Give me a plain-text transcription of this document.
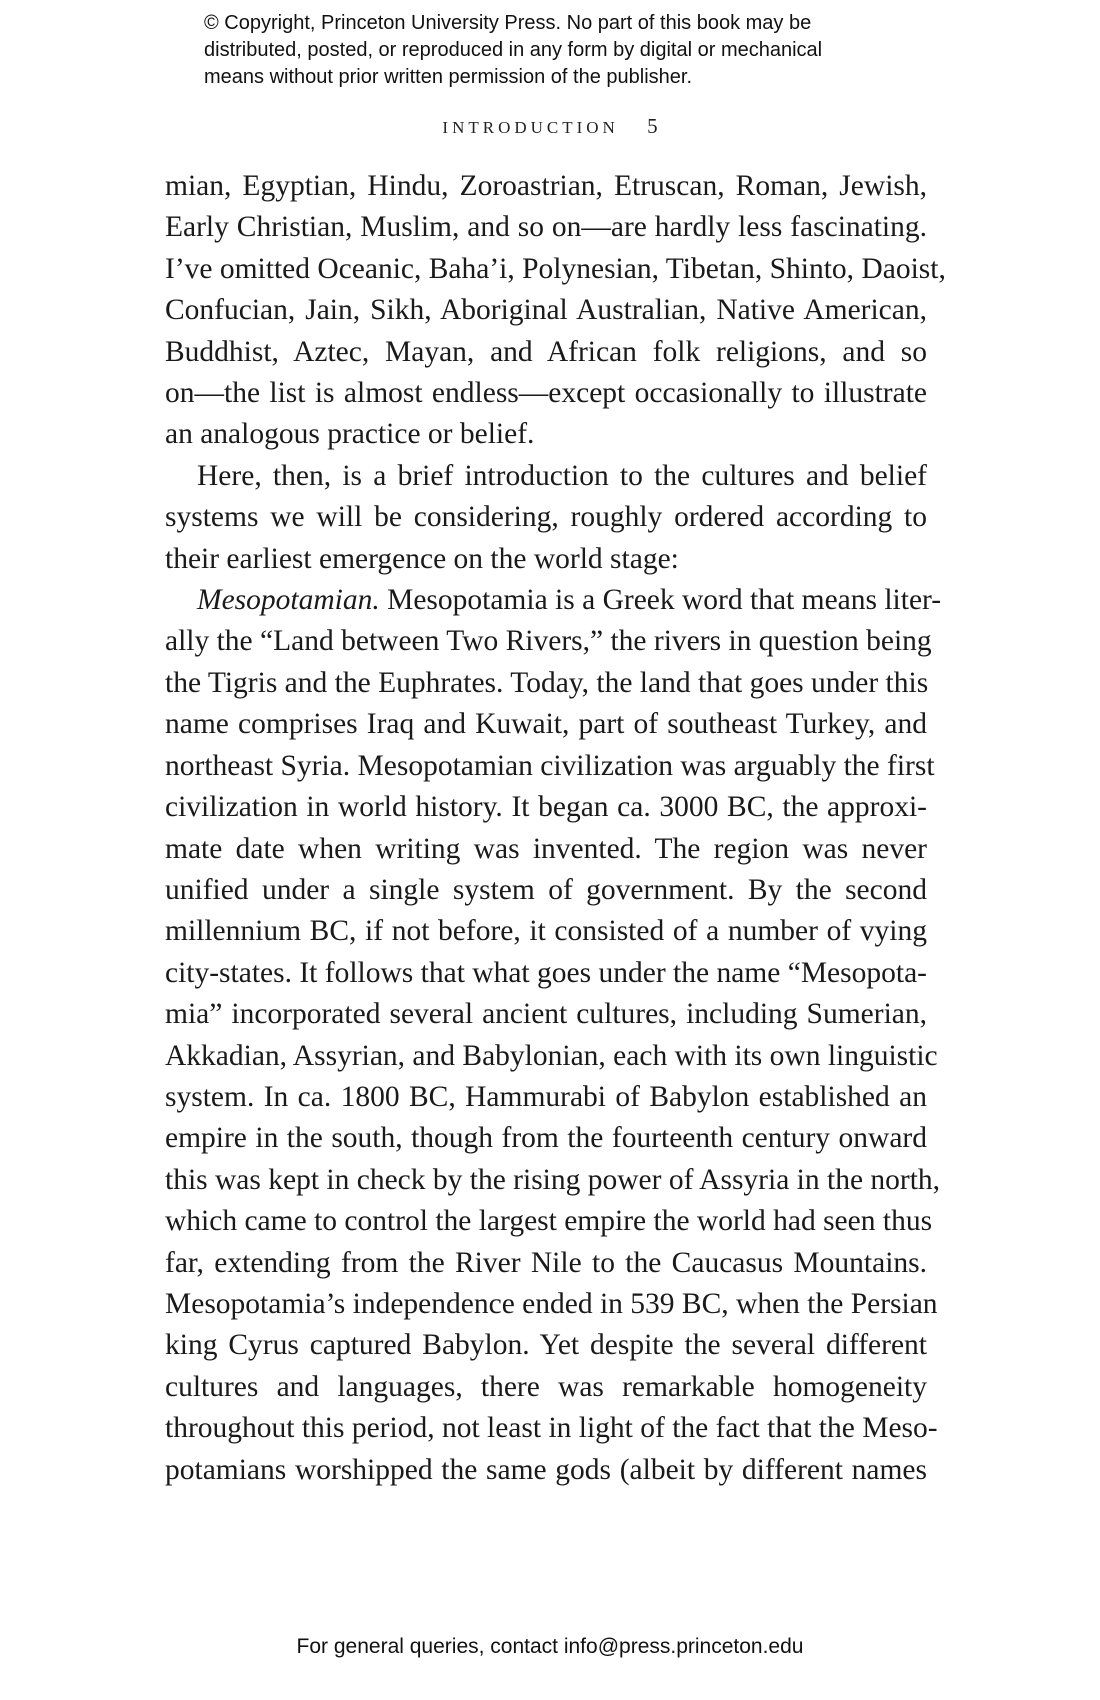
© Copyright, Princeton University Press. No part of this book may be
distributed, posted, or reproduced in any form by digital or mechanical
means without prior written permission of the publisher.
INTRODUCTION 5
mian, Egyptian, Hindu, Zoroastrian, Etruscan, Roman, Jewish,
Early Christian, Muslim, and so on—are hardly less fascinating.
I’ve omitted Oceanic, Baha’i, Polynesian, Tibetan, Shinto, Daoist,
Confucian, Jain, Sikh, Aboriginal Australian, Native American,
Buddhist, Aztec, Mayan, and African folk religions, and so
on—the list is almost endless—except occasionally to illustrate
an analogous practice or belief.
Here, then, is a brief introduction to the cultures and belief
systems we will be considering, roughly ordered according to
their earliest emergence on the world stage:
Mesopotamian. Mesopotamia is a Greek word that means liter-
ally the “Land between Two Rivers,” the rivers in question being
the Tigris and the Euphrates. Today, the land that goes under this
name comprises Iraq and Kuwait, part of southeast Turkey, and
northeast Syria. Mesopotamian civilization was arguably the first
civilization in world history. It began ca. 3000 BC, the approxi-
mate date when writing was invented. The region was never
unified under a single system of government. By the second
millennium BC, if not before, it consisted of a number of vying
city-states. It follows that what goes under the name “Mesopota-
mia” incorporated several ancient cultures, including Sumerian,
Akkadian, Assyrian, and Babylonian, each with its own linguistic
system. In ca. 1800 BC, Hammurabi of Babylon established an
empire in the south, though from the fourteenth century onward
this was kept in check by the rising power of Assyria in the north,
which came to control the largest empire the world had seen thus
far, extending from the River Nile to the Caucasus Mountains.
Mesopotamia’s independence ended in 539 BC, when the Persian
king Cyrus captured Babylon. Yet despite the several different
cultures and languages, there was remarkable homogeneity
throughout this period, not least in light of the fact that the Meso-
potamians worshipped the same gods (albeit by different names
For general queries, contact info@press.princeton.edu
